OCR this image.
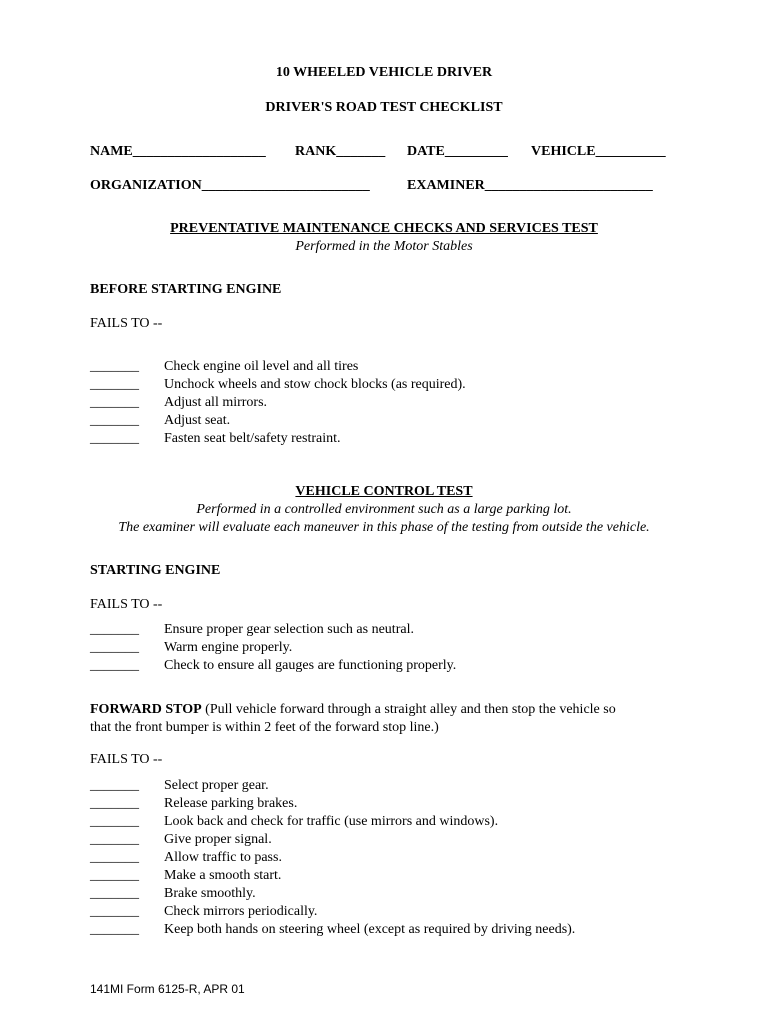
10 WHEELED VEHICLE DRIVER
DRIVER'S ROAD TEST CHECKLIST
NAME___________________ RANK_______ DATE_________ VEHICLE__________
ORGANIZATION________________________	EXAMINER________________________
PREVENTATIVE MAINTENANCE CHECKS AND SERVICES TEST
Performed in the Motor Stables
BEFORE STARTING ENGINE
FAILS TO --
_______ Check engine oil level and all tires
_______ Unchock wheels and stow chock blocks (as required).
_______ Adjust all mirrors.
_______ Adjust seat.
_______ Fasten seat belt/safety restraint.
VEHICLE CONTROL TEST
Performed in a controlled environment such as a large parking lot.
The examiner will evaluate each maneuver in this phase of the testing from outside the vehicle.
STARTING ENGINE
FAILS TO --
_______ Ensure proper gear selection such as neutral.
_______ Warm engine properly.
_______ Check to ensure all gauges are functioning properly.
FORWARD STOP (Pull vehicle forward through a straight alley and then stop the vehicle so
that the front bumper is within 2 feet of the forward stop line.)
FAILS TO --
_______ Select proper gear.
_______ Release parking brakes.
_______ Look back and check for traffic (use mirrors and windows).
_______ Give proper signal.
_______ Allow traffic to pass.
_______ Make a smooth start.
_______ Brake smoothly.
_______ Check mirrors periodically.
_______ Keep both hands on steering wheel (except as required by driving needs).
141MI Form 6125-R, APR 01
